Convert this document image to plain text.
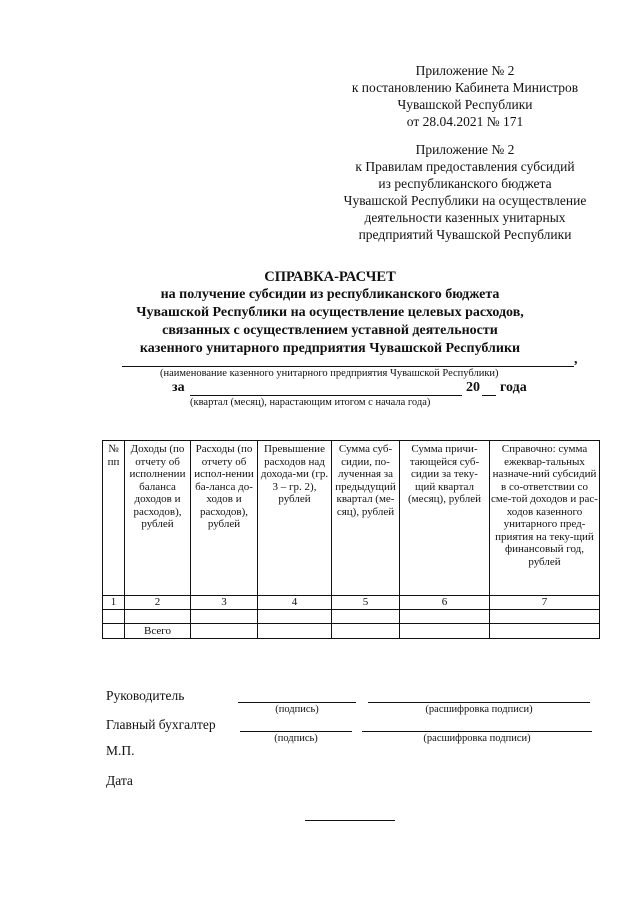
Приложение № 2
к постановлению Кабинета Министров
Чувашской Республики
от 28.04.2021 № 171
Приложение № 2
к Правилам предоставления субсидий
из республиканского бюджета
Чувашской Республики на осуществление
деятельности казенных унитарных
предприятий Чувашской Республики
СПРАВКА-РАСЧЕТ
на получение субсидии из республиканского бюджета
Чувашской Республики на осуществление целевых расходов,
связанных с осуществлением уставной деятельности
казенного унитарного предприятия Чувашской Республики
,
(наименование казенного унитарного предприятия Чувашской Республики)
за	20 года
(квартал (месяц), нарастающим итогом с начала года)
№ пп	Доходы (по отчету об исполнении баланса доходов и расходов), рублей	Расходы (по отчету об испол-нении ба-ланса до-ходов и расходов), рублей	Превышение расходов над дохода-ми (гр. 3 – гр. 2), рублей	Сумма суб-сидии, по-лученная за предыдущий квартал (ме-сяц), рублей	Сумма причи-тающейся суб-сидии за теку-щий квартал (месяц), рублей	Справочно: сумма ежеквар-тальных назначе-ний субсидий в со-ответствии со сме-той доходов и рас-ходов казенного унитарного пред-приятия на теку-щий финансовый год, рублей
1	2	3	4	5	6	7

	Всего					
Руководитель
(подпись)	(расшифровка подписи)
Главный бухгалтер
(подпись)	(расшифровка подписи)
М.П.
Дата
